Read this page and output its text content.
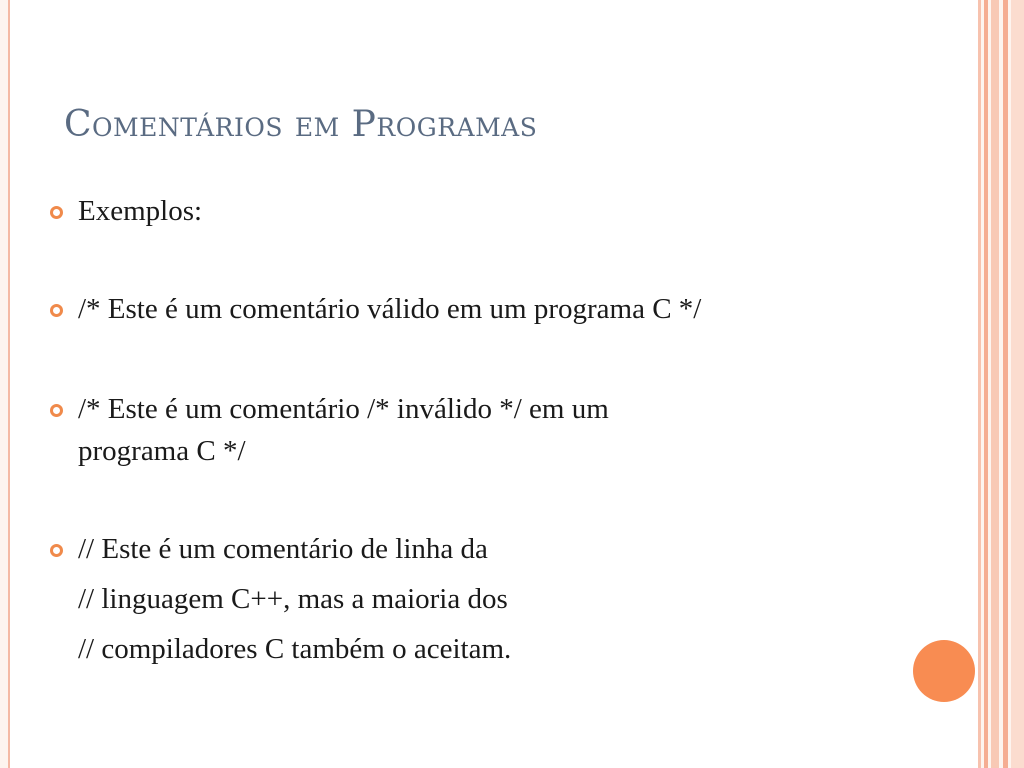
Comentários em Programas
Exemplos:
/* Este é um comentário válido em um programa C */
/* Este é um comentário /* inválido */ em um
programa C */
// Este é um comentário de linha da
// linguagem C++, mas a maioria dos
// compiladores C também o aceitam.
